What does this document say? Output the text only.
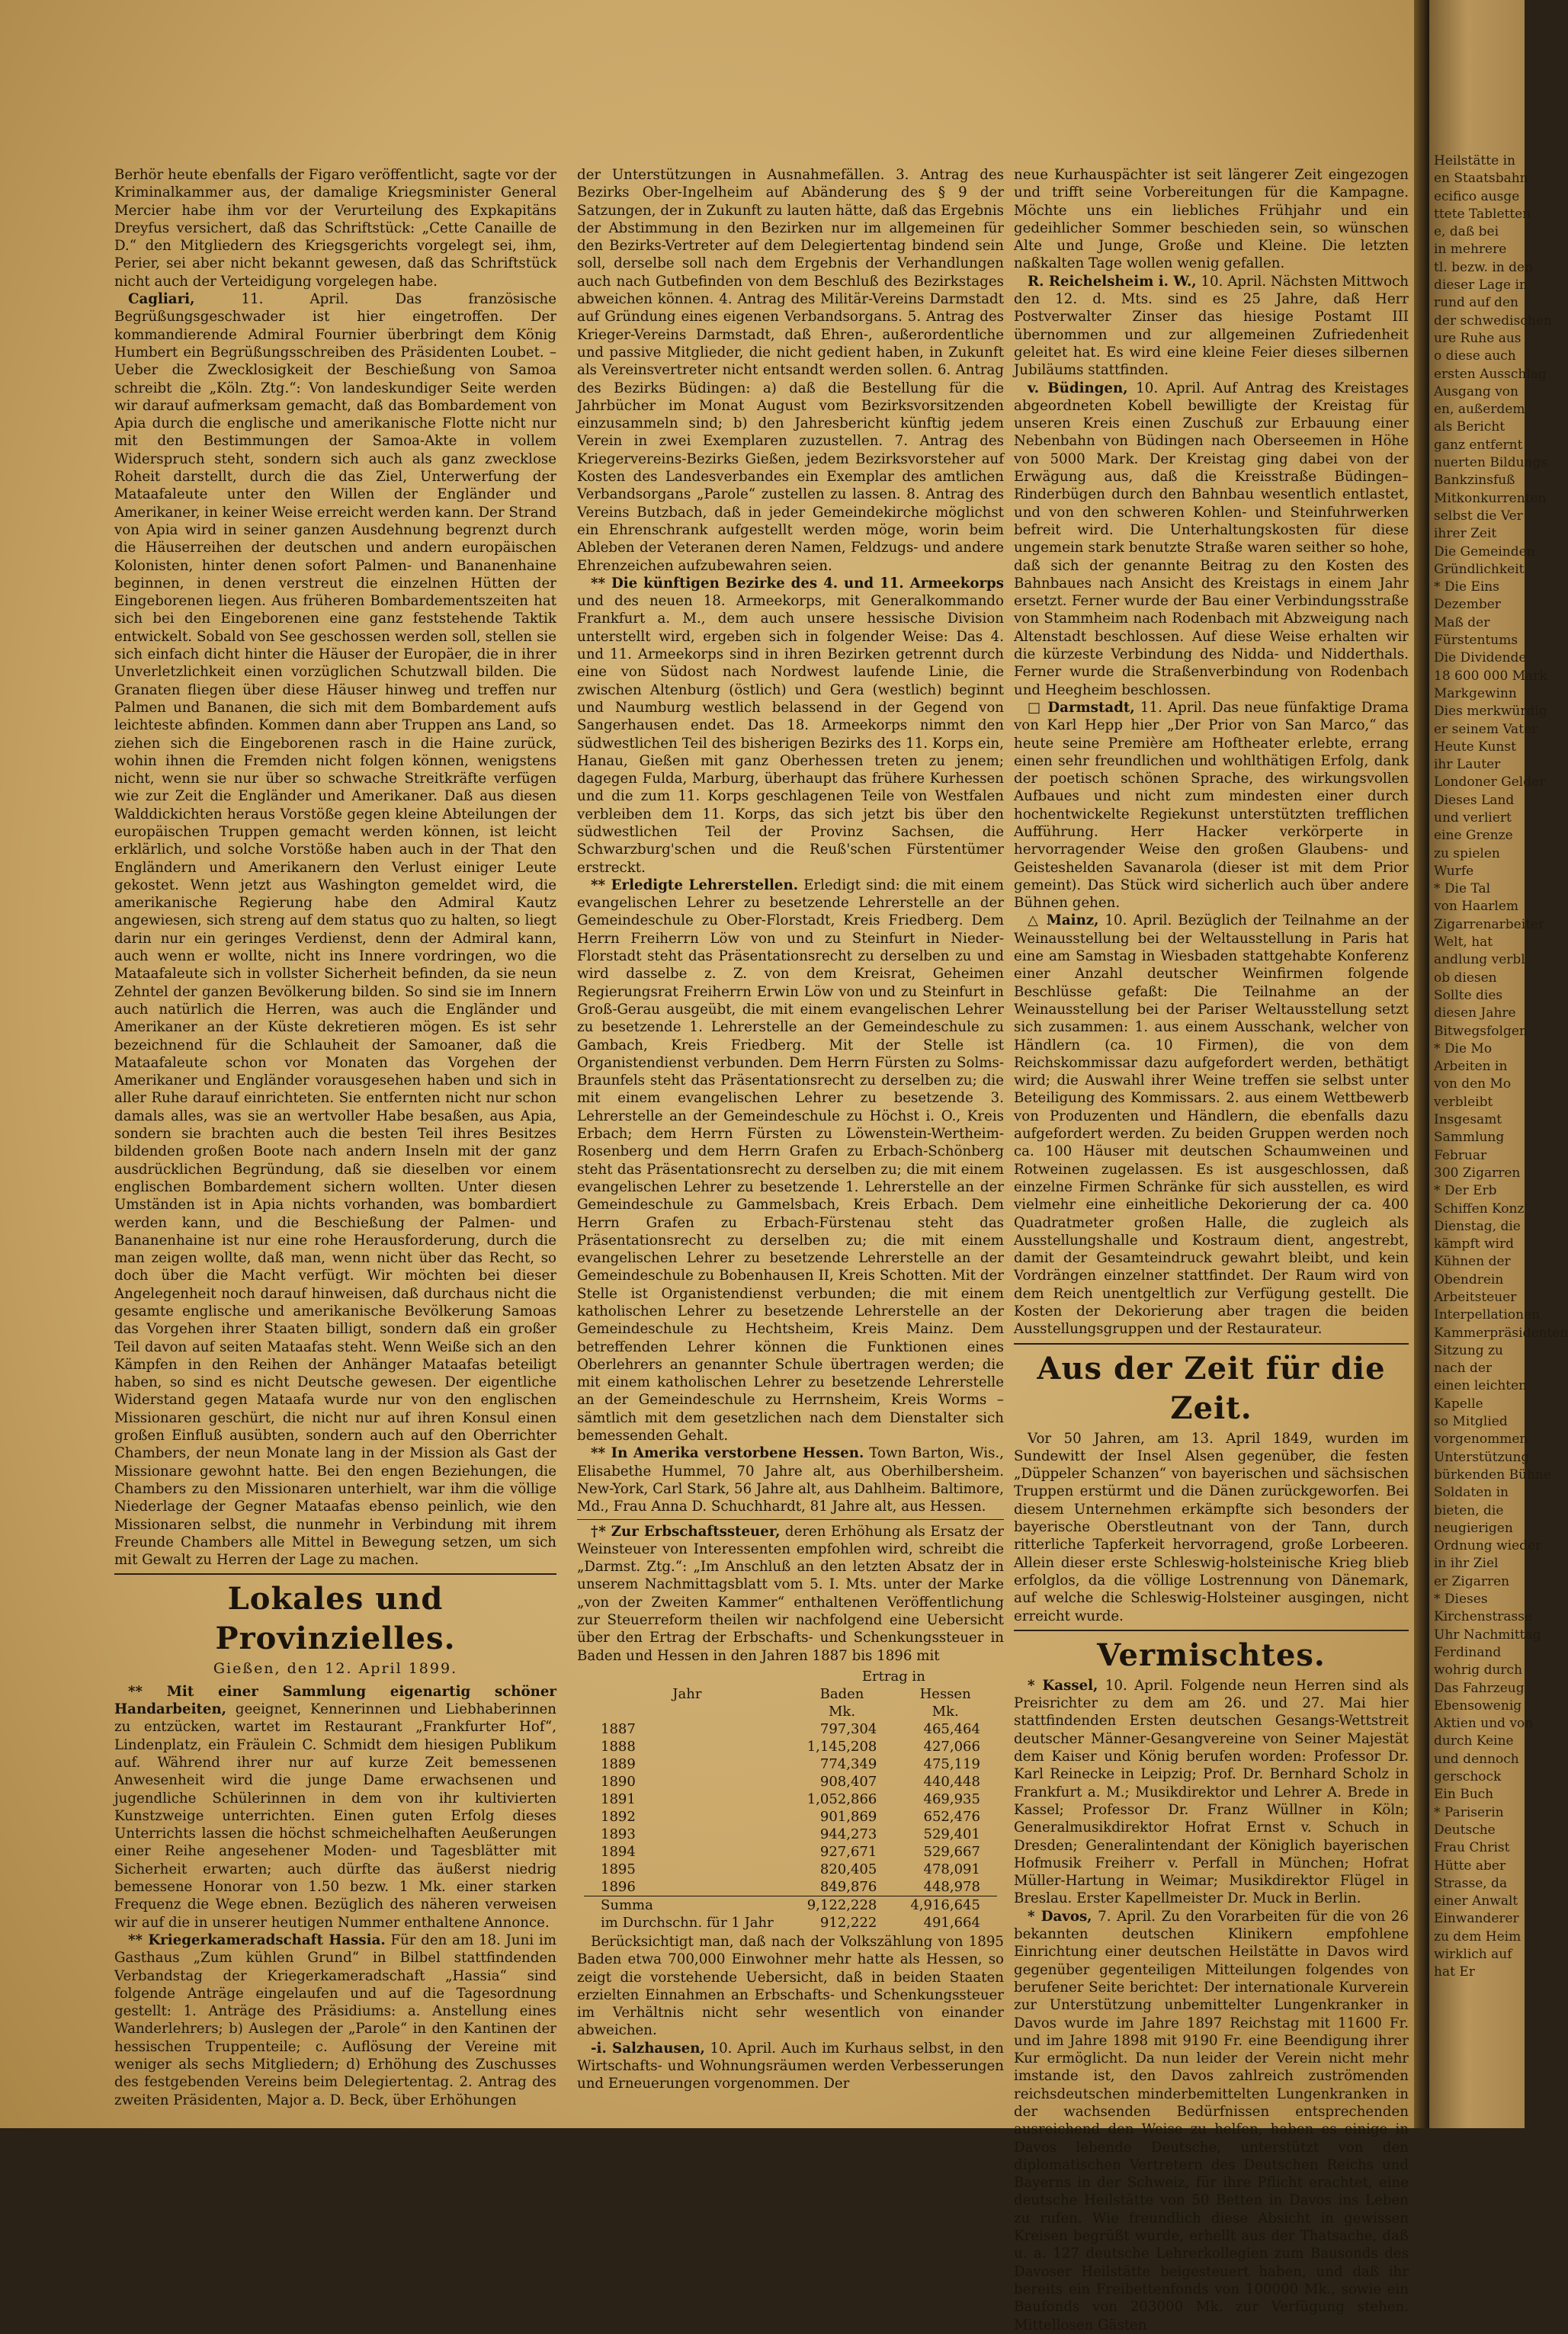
Berhör heute ebenfalls der Figaro veröffentlicht, sagte vor der Kriminalkammer aus, der damalige Kriegsminister General Mercier habe ihm vor der Verurteilung des Expkapitäns Dreyfus versichert, daß das Schriftstück: „Cette Canaille de D.“ den Mitgliedern des Kriegsgerichts vorgelegt sei, ihm, Perier, sei aber nicht bekannt gewesen, daß das Schriftstück nicht auch der Verteidigung vorgelegen habe.

Cagliari, 11. April. Das französische Begrüßungsgeschwader ist hier eingetroffen. Der kommandierende Admiral Fournier überbringt dem König Humbert ein Begrüßungsschreiben des Präsidenten Loubet. – Ueber die Zwecklosigkeit der Beschießung von Samoa schreibt die „Köln. Ztg.“: Von landeskundiger Seite werden wir darauf aufmerksam gemacht, daß das Bombardement von Apia durch die englische und amerikanische Flotte nicht nur mit den Bestimmungen der Samoa-Akte in vollem Widerspruch steht, sondern sich auch als ganz zwecklose Roheit darstellt, durch die das Ziel, Unterwerfung der Mataafaleute unter den Willen der Engländer und Amerikaner, in keiner Weise erreicht werden kann. Der Strand von Apia wird in seiner ganzen Ausdehnung begrenzt durch die Häuserreihen der deutschen und andern europäischen Kolonisten, hinter denen sofort Palmen- und Bananenhaine beginnen, in denen verstreut die einzelnen Hütten der Eingeborenen liegen. Aus früheren Bombardementszeiten hat sich bei den Eingeborenen eine ganz feststehende Taktik entwickelt. Sobald von See geschossen werden soll, stellen sie sich einfach dicht hinter die Häuser der Europäer, die in ihrer Unverletzlichkeit einen vorzüglichen Schutzwall bilden. Die Granaten fliegen über diese Häuser hinweg und treffen nur Palmen und Bananen, die sich mit dem Bombardement aufs leichteste abfinden. Kommen dann aber Truppen ans Land, so ziehen sich die Eingeborenen rasch in die Haine zurück, wohin ihnen die Fremden nicht folgen können, wenigstens nicht, wenn sie nur über so schwache Streitkräfte verfügen wie zur Zeit die Engländer und Amerikaner. Daß aus diesen Walddickichten heraus Vorstöße gegen kleine Abteilungen der europäischen Truppen gemacht werden können, ist leicht erklärlich, und solche Vorstöße haben auch in der That den Engländern und Amerikanern den Verlust einiger Leute gekostet. Wenn jetzt aus Washington gemeldet wird, die amerikanische Regierung habe den Admiral Kautz angewiesen, sich streng auf dem status quo zu halten, so liegt darin nur ein geringes Verdienst, denn der Admiral kann, auch wenn er wollte, nicht ins Innere vordringen, wo die Mataafaleute sich in vollster Sicherheit befinden, da sie neun Zehntel der ganzen Bevölkerung bilden. So sind sie im Innern auch natürlich die Herren, was auch die Engländer und Amerikaner an der Küste dekretieren mögen. Es ist sehr bezeichnend für die Schlauheit der Samoaner, daß die Mataafaleute schon vor Monaten das Vorgehen der Amerikaner und Engländer vorausgesehen haben und sich in aller Ruhe darauf einrichteten. Sie entfernten nicht nur schon damals alles, was sie an wertvoller Habe besaßen, aus Apia, sondern sie brachten auch die besten Teil ihres Besitzes bildenden großen Boote nach andern Inseln mit der ganz ausdrücklichen Begründung, daß sie dieselben vor einem englischen Bombardement sichern wollten. Unter diesen Umständen ist in Apia nichts vorhanden, was bombardiert werden kann, und die Beschießung der Palmen- und Bananenhaine ist nur eine rohe Herausforderung, durch die man zeigen wollte, daß man, wenn nicht über das Recht, so doch über die Macht verfügt. Wir möchten bei dieser Angelegenheit noch darauf hinweisen, daß durchaus nicht die gesamte englische und amerikanische Bevölkerung Samoas das Vorgehen ihrer Staaten billigt, sondern daß ein großer Teil davon auf seiten Mataafas steht. Wenn Weiße sich an den Kämpfen in den Reihen der Anhänger Mataafas beteiligt haben, so sind es nicht Deutsche gewesen. Der eigentliche Widerstand gegen Mataafa wurde nur von den englischen Missionaren geschürt, die nicht nur auf ihren Konsul einen großen Einfluß ausübten, sondern auch auf den Oberrichter Chambers, der neun Monate lang in der Mission als Gast der Missionare gewohnt hatte. Bei den engen Beziehungen, die Chambers zu den Missionaren unterhielt, war ihm die völlige Niederlage der Gegner Mataafas ebenso peinlich, wie den Missionaren selbst, die nunmehr in Verbindung mit ihrem Freunde Chambers alle Mittel in Bewegung setzen, um sich mit Gewalt zu Herren der Lage zu machen.

Lokales und Provinzielles.
Gießen, den 12. April 1899.

** Mit einer Sammlung eigenartig schöner Handarbeiten, geeignet, Kennerinnen und Liebhaberinnen zu entzücken, wartet im Restaurant „Frankfurter Hof“, Lindenplatz, ein Fräulein C. Schmidt dem hiesigen Publikum auf. Während ihrer nur auf kurze Zeit bemessenen Anwesenheit wird die junge Dame erwachsenen und jugendliche Schülerinnen in dem von ihr kultivierten Kunstzweige unterrichten. Einen guten Erfolg dieses Unterrichts lassen die höchst schmeichelhaften Aeußerungen einer Reihe angesehener Moden- und Tagesblätter mit Sicherheit erwarten; auch dürfte das äußerst niedrig bemessene Honorar von 1.50 bezw. 1 Mk. einer starken Frequenz die Wege ebnen. Bezüglich des näheren verweisen wir auf die in unserer heutigen Nummer enthaltene Annonce.

** Kriegerkameradschaft Hassia. Für den am 18. Juni im Gasthaus „Zum kühlen Grund“ in Bilbel stattfindenden Verbandstag der Kriegerkameradschaft „Hassia“ sind folgende Anträge eingelaufen und auf die Tagesordnung gestellt: 1. Anträge des Präsidiums: a. Anstellung eines Wanderlehrers; b) Auslegen der „Parole“ in den Kantinen der hessischen Truppenteile; c. Auflösung der Vereine mit weniger als sechs Mitgliedern; d) Erhöhung des Zuschusses des festgebenden Vereins beim Delegiertentag. 2. Antrag des zweiten Präsidenten, Major a. D. Beck, über Erhöhungen

der Unterstützungen in Ausnahmefällen. 3. Antrag des Bezirks Ober-Ingelheim auf Abänderung des § 9 der Satzungen, der in Zukunft zu lauten hätte, daß das Ergebnis der Abstimmung in den Bezirken nur im allgemeinen für den Bezirks-Vertreter auf dem Delegiertentag bindend sein soll, derselbe soll nach dem Ergebnis der Verhandlungen auch nach Gutbefinden von dem Beschluß des Bezirkstages abweichen können. 4. Antrag des Militär-Vereins Darmstadt auf Gründung eines eigenen Verbandsorgans. 5. Antrag des Krieger-Vereins Darmstadt, daß Ehren-, außerordentliche und passive Mitglieder, die nicht gedient haben, in Zukunft als Vereinsvertreter nicht entsandt werden sollen. 6. Antrag des Bezirks Büdingen: a) daß die Bestellung für die Jahrbücher im Monat August vom Bezirksvorsitzenden einzusammeln sind; b) den Jahresbericht künftig jedem Verein in zwei Exemplaren zuzustellen. 7. Antrag des Kriegervereins-Bezirks Gießen, jedem Bezirksvorsteher auf Kosten des Landesverbandes ein Exemplar des amtlichen Verbandsorgans „Parole“ zustellen zu lassen. 8. Antrag des Vereins Butzbach, daß in jeder Gemeindekirche möglichst ein Ehrenschrank aufgestellt werden möge, worin beim Ableben der Veteranen deren Namen, Feldzugs- und andere Ehrenzeichen aufzubewahren seien.

** Die künftigen Bezirke des 4. und 11. Armeekorps und des neuen 18. Armeekorps, mit Generalkommando Frankfurt a. M., dem auch unsere hessische Division unterstellt wird, ergeben sich in folgender Weise: Das 4. und 11. Armeekorps sind in ihren Bezirken getrennt durch eine von Südost nach Nordwest laufende Linie, die zwischen Altenburg (östlich) und Gera (westlich) beginnt und Naumburg westlich belassend in der Gegend von Sangerhausen endet. Das 18. Armeekorps nimmt den südwestlichen Teil des bisherigen Bezirks des 11. Korps ein, Hanau, Gießen mit ganz Oberhessen treten zu jenem; dagegen Fulda, Marburg, überhaupt das frühere Kurhessen und die zum 11. Korps geschlagenen Teile von Westfalen verbleiben dem 11. Korps, das sich jetzt bis über den südwestlichen Teil der Provinz Sachsen, die Schwarzburg'schen und die Reuß'schen Fürstentümer erstreckt.

** Erledigte Lehrerstellen. Erledigt sind: die mit einem evangelischen Lehrer zu besetzende Lehrerstelle an der Gemeindeschule zu Ober-Florstadt, Kreis Friedberg. Dem Herrn Freiherrn Löw von und zu Steinfurt in Nieder-Florstadt steht das Präsentationsrecht zu derselben zu und wird dasselbe z. Z. von dem Kreisrat, Geheimen Regierungsrat Freiherrn Erwin Löw von und zu Steinfurt in Groß-Gerau ausgeübt, die mit einem evangelischen Lehrer zu besetzende 1. Lehrerstelle an der Gemeindeschule zu Gambach, Kreis Friedberg. Mit der Stelle ist Organistendienst verbunden. Dem Herrn Fürsten zu Solms-Braunfels steht das Präsentationsrecht zu derselben zu; die mit einem evangelischen Lehrer zu besetzende 3. Lehrerstelle an der Gemeindeschule zu Höchst i. O., Kreis Erbach; dem Herrn Fürsten zu Löwenstein-Wertheim-Rosenberg und dem Herrn Grafen zu Erbach-Schönberg steht das Präsentationsrecht zu derselben zu; die mit einem evangelischen Lehrer zu besetzende 1. Lehrerstelle an der Gemeindeschule zu Gammelsbach, Kreis Erbach. Dem Herrn Grafen zu Erbach-Fürstenau steht das Präsentationsrecht zu derselben zu; die mit einem evangelischen Lehrer zu besetzende Lehrerstelle an der Gemeindeschule zu Bobenhausen II, Kreis Schotten. Mit der Stelle ist Organistendienst verbunden; die mit einem katholischen Lehrer zu besetzende Lehrerstelle an der Gemeindeschule zu Hechtsheim, Kreis Mainz. Dem betreffenden Lehrer können die Funktionen eines Oberlehrers an genannter Schule übertragen werden; die mit einem katholischen Lehrer zu besetzende Lehrerstelle an der Gemeindeschule zu Herrnsheim, Kreis Worms – sämtlich mit dem gesetzlichen nach dem Dienstalter sich bemessenden Gehalt.

** In Amerika verstorbene Hessen. Town Barton, Wis., Elisabethe Hummel, 70 Jahre alt, aus Oberhilbersheim. New-York, Carl Stark, 56 Jahre alt, aus Dahlheim. Baltimore, Md., Frau Anna D. Schuchhardt, 81 Jahre alt, aus Hessen.

†* Zur Erbschaftssteuer, deren Erhöhung als Ersatz der Weinsteuer von Interessenten empfohlen wird, schreibt die „Darmst. Ztg.“: „Im Anschluß an den letzten Absatz der in unserem Nachmittagsblatt vom 5. I. Mts. unter der Marke „von der Zweiten Kammer“ enthaltenen Veröffentlichung zur Steuerreform theilen wir nachfolgend eine Uebersicht über den Ertrag der Erbschafts- und Schenkungssteuer in Baden und Hessen in den Jahren 1887 bis 1896 mit

	Ertrag in	
Jahr	Baden	Hessen
	Mk.	Mk.
1887	797,304	465,464
1888	1,145,208	427,066
1889	774,349	475,119
1890	908,407	440,448
1891	1,052,866	469,935
1892	901,869	652,476
1893	944,273	529,401
1894	927,671	529,667
1895	820,405	478,091
1896	849,876	448,978
Summa	9,122,228	4,916,645
im Durchschn. für 1 Jahr	912,222	491,664

Berücksichtigt man, daß nach der Volkszählung von 1895 Baden etwa 700,000 Einwohner mehr hatte als Hessen, so zeigt die vorstehende Uebersicht, daß in beiden Staaten erzielten Einnahmen an Erbschafts- und Schenkungssteuer im Verhältnis nicht sehr wesentlich von einander abweichen.

-i. Salzhausen, 10. April. Auch im Kurhaus selbst, in den Wirtschafts- und Wohnungsräumen werden Verbesserungen und Erneuerungen vorgenommen. Der

neue Kurhauspächter ist seit längerer Zeit eingezogen und trifft seine Vorbereitungen für die Kampagne. Möchte uns ein liebliches Frühjahr und ein gedeihlicher Sommer beschieden sein, so wünschen Alte und Junge, Große und Kleine. Die letzten naßkalten Tage wollen wenig gefallen.

R. Reichelsheim i. W., 10. April. Nächsten Mittwoch den 12. d. Mts. sind es 25 Jahre, daß Herr Postverwalter Zinser das hiesige Postamt III übernommen und zur allgemeinen Zufriedenheit geleitet hat. Es wird eine kleine Feier dieses silbernen Jubiläums stattfinden.

v. Büdingen, 10. April. Auf Antrag des Kreistages abgeordneten Kobell bewilligte der Kreistag für unseren Kreis einen Zuschuß zur Erbauung einer Nebenbahn von Büdingen nach Oberseemen in Höhe von 5000 Mark. Der Kreistag ging dabei von der Erwägung aus, daß die Kreisstraße Büdingen–Rinderbügen durch den Bahnbau wesentlich entlastet, und von den schweren Kohlen- und Steinfuhrwerken befreit wird. Die Unterhaltungskosten für diese ungemein stark benutzte Straße waren seither so hohe, daß sich der genannte Beitrag zu den Kosten des Bahnbaues nach Ansicht des Kreistags in einem Jahr ersetzt. Ferner wurde der Bau einer Verbindungsstraße von Stammheim nach Rodenbach mit Abzweigung nach Altenstadt beschlossen. Auf diese Weise erhalten wir die kürzeste Verbindung des Nidda- und Nidderthals. Ferner wurde die Straßenverbindung von Rodenbach und Heegheim beschlossen.

□ Darmstadt, 11. April. Das neue fünfaktige Drama von Karl Hepp hier „Der Prior von San Marco,“ das heute seine Première am Hoftheater erlebte, errang einen sehr freundlichen und wohlthätigen Erfolg, dank der poetisch schönen Sprache, des wirkungsvollen Aufbaues und nicht zum mindesten einer durch hochentwickelte Regiekunst unterstützten trefflichen Aufführung. Herr Hacker verkörperte in hervorragender Weise den großen Glaubens- und Geisteshelden Savanarola (dieser ist mit dem Prior gemeint). Das Stück wird sicherlich auch über andere Bühnen gehen.

△ Mainz, 10. April. Bezüglich der Teilnahme an der Weinausstellung bei der Weltausstellung in Paris hat eine am Samstag in Wiesbaden stattgehabte Konferenz einer Anzahl deutscher Weinfirmen folgende Beschlüsse gefaßt: Die Teilnahme an der Weinausstellung bei der Pariser Weltausstellung setzt sich zusammen: 1. aus einem Ausschank, welcher von Händlern (ca. 10 Firmen), die von dem Reichskommissar dazu aufgefordert werden, bethätigt wird; die Auswahl ihrer Weine treffen sie selbst unter Beteiligung des Kommissars. 2. aus einem Wettbewerb von Produzenten und Händlern, die ebenfalls dazu aufgefordert werden. Zu beiden Gruppen werden noch ca. 100 Häuser mit deutschen Schaumweinen und Rotweinen zugelassen. Es ist ausgeschlossen, daß einzelne Firmen Schränke für sich ausstellen, es wird vielmehr eine einheitliche Dekorierung der ca. 400 Quadratmeter großen Halle, die zugleich als Ausstellungshalle und Kostraum dient, angestrebt, damit der Gesamteindruck gewahrt bleibt, und kein Vordrängen einzelner stattfindet. Der Raum wird von dem Reich unentgeltlich zur Verfügung gestellt. Die Kosten der Dekorierung aber tragen die beiden Ausstellungsgruppen und der Restaurateur.

Aus der Zeit für die Zeit.

Vor 50 Jahren, am 13. April 1849, wurden im Sundewitt der Insel Alsen gegenüber, die festen „Düppeler Schanzen“ von bayerischen und sächsischen Truppen erstürmt und die Dänen zurückgeworfen. Bei diesem Unternehmen erkämpfte sich besonders der bayerische Oberstleutnant von der Tann, durch ritterliche Tapferkeit hervorragend, große Lorbeeren. Allein dieser erste Schleswig-holsteinische Krieg blieb erfolglos, da die völlige Lostrennung von Dänemark, auf welche die Schleswig-Holsteiner ausgingen, nicht erreicht wurde.

Vermischtes.

* Kassel, 10. April. Folgende neun Herren sind als Preisrichter zu dem am 26. und 27. Mai hier stattfindenden Ersten deutschen Gesangs-Wettstreit deutscher Männer-Gesangvereine von Seiner Majestät dem Kaiser und König berufen worden: Professor Dr. Karl Reinecke in Leipzig; Prof. Dr. Bernhard Scholz in Frankfurt a. M.; Musikdirektor und Lehrer A. Brede in Kassel; Professor Dr. Franz Wüllner in Köln; Generalmusikdirektor Hofrat Ernst v. Schuch in Dresden; Generalintendant der Königlich bayerischen Hofmusik Freiherr v. Perfall in München; Hofrat Müller-Hartung in Weimar; Musikdirektor Flügel in Breslau. Erster Kapellmeister Dr. Muck in Berlin.

* Davos, 7. April. Zu den Vorarbeiten für die von 26 bekannten deutschen Klinikern empfohlene Einrichtung einer deutschen Heilstätte in Davos wird gegenüber gegenteiligen Mitteilungen folgendes von berufener Seite berichtet: Der internationale Kurverein zur Unterstützung unbemittelter Lungenkranker in Davos wurde im Jahre 1897 Reichstag mit 11600 Fr. und im Jahre 1898 mit 9190 Fr. eine Beendigung ihrer Kur ermöglicht. Da nun leider der Verein nicht mehr imstande ist, den Davos zahlreich zuströmenden reichsdeutschen minderbemittelten Lungenkranken in der wachsenden Bedürfnissen entsprechenden ausreichend den Weise zu helfen, haben es einige in Davos lebende Deutsche, unterstützt von den diplomatischen Vertretern des Deutschen Reichs und Bayerns in der Schweiz, für ihre Pflicht erachtet, eine deutsche Heilstätte von 50 Betten in Davos ins Leben zu rufen. Wie freundlich diese Absicht in gewissen Kreisen begrüßt wurde, erhellt aus der Thatsache, daß u. a. 127 deutsche Lehrerkollegien zum Bausonds des Davoser Heilstätte beigesteuert haben, und daß ihr bereits ein Freibettenfonds von 100000 Mk., sowie ein Baufonds von 203000 Mk. zur Verfügung stehen. Mittellosen Gästen

Heilstätte in
en Staatsbahn
ecifico ausge
ttete Tabletten
e, daß bei
in mehrere
tl. bezw. in den
dieser Lage in
rund auf den
der schwedischen
ure Ruhe aus
o diese auch
ersten Ausschlag
Ausgang von
en, außerdem
als Bericht
ganz entfernt
nuerten Bildungs
Bankzinsfuß
Mitkonkurrenten
selbst die Ver
ihrer Zeit
Die Gemeinden
Gründlichkeit
* Die Eins
Dezember
Maß der
Fürstentums
Die Dividende
18 600 000 Mark
Markgewinn
Dies merkwürdig
er seinem Vater
Heute Kunst
ihr Lauter
Londoner Gelder
Dieses Land
und verliert
eine Grenze
zu spielen
Wurfe
* Die Tal
von Haarlem
Zigarrenarbeiter
Welt, hat
andlung verbl
ob diesen
Sollte dies
diesen Jahre
Bitwegsfolgen
* Die Mo
Arbeiten in
von den Mo
verbleibt
Insgesamt
Sammlung
Februar
300 Zigarren
* Der Erb
Schiffen Konz
Dienstag, die
kämpft wird
Kühnen der
Obendrein
Arbeitsteuer
Interpellationen
Kammerpräsidenten
Sitzung zu
nach der
einen leichten
Kapelle
so Mitglied
vorgenommen
Unterstützung
bürkenden Bühne
Soldaten in
bieten, die
neugierigen
Ordnung wieder
in ihr Ziel
er Zigarren
* Dieses
Kirchenstrasse
Uhr Nachmittag
Ferdinand
wohrig durch
Das Fahrzeug
Ebensowenig
Aktien und von
durch Keine
und dennoch
gerschock
Ein Buch
* Pariserin
Deutsche
Frau Christ
Hütte aber
Strasse, da
einer Anwalt
Einwanderer
zu dem Heim
wirklich auf
hat Er
